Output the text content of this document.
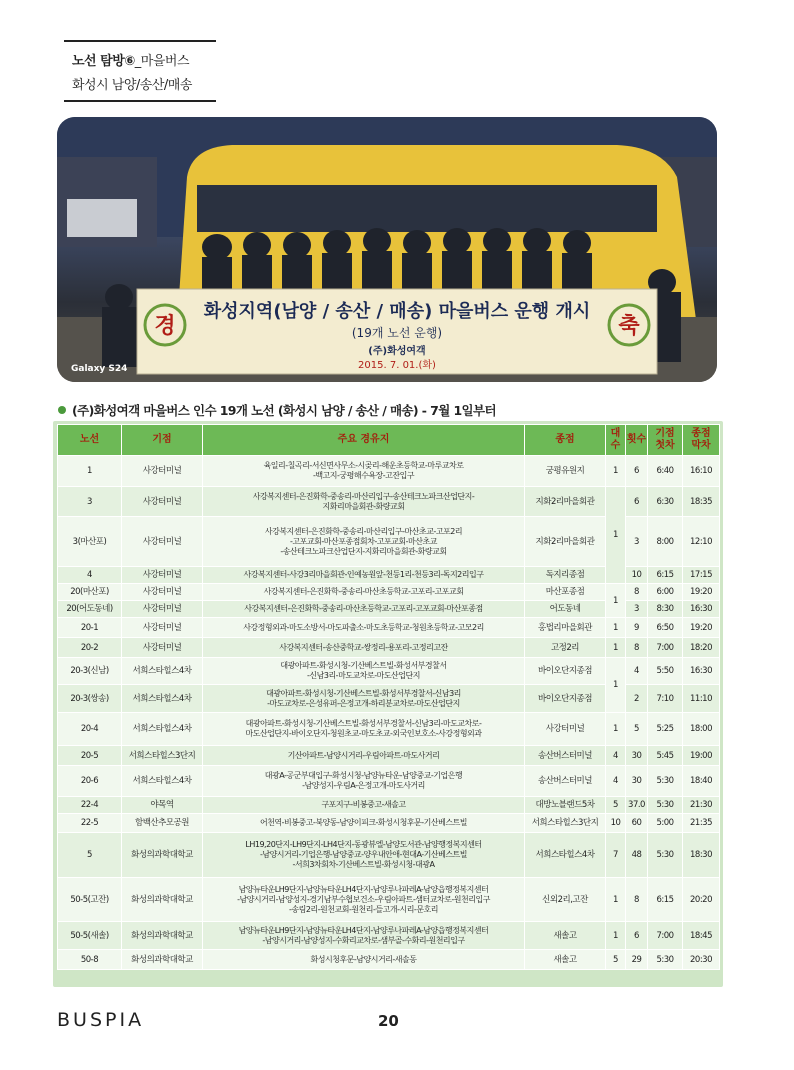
노선 탐방⑥_마을버스
화성시 남양/송산/매송
경	축
화성지역(남양 / 송산 / 매송) 마을버스 운행 개시
(19개 노선 운행)
(주)화성여객
2015. 7. 01.(화)
Galaxy S24
(주)화성여객 마을버스 인수 19개 노선 (화성시 남양 / 송산 / 매송) - 7월 1일부터
노선	기점	주요 경유지	종점	대수	횟수	기점
첫차	종점
막차
1	사강터미널	육일리-칠곡리-서신면사무소-시곶리-해운초등학교-마루교차로
-백고지-궁평해수욕장-고잔입구	궁평유원지	1	6	6:40	16:10
3	사강터미널	사강복지센터-은진화학-중송리-마산리입구-송산테크노파크산업단지-
지화리마을회관-화량교회	지화2리마을회관	1	6	6:30	18:35
3(마산포)	사강터미널	사강복지센터-은진화학-중송리-마산리입구-마산초교-고포2리
-고포교회-마산포종점회차-고포교회-마산초교
-송산테크노파크산업단지-지화리마을회관-화량교회	지화2리마을회관		3	8:00	12:10
4	사강터미널	사강복지센터-사강3리마을회관-인예농원앞-천등1리-천등3리-독지2리입구	독지리종점		10	6:15	17:15
20(마산포)	사강터미널	사강복지센터-은진화학-중송리-마산초등학교-고포리-고포교회	마산포종점	1	8	6:00	19:20
20(어도동네)	사강터미널	사강복지센터-은진화학-중송리-마산초등학교-고포리-고포교회-마산포종점	어도동네		3	8:30	16:30
20-1	사강터미널	사강정형외과-마도소방서-마도파출소-마도초등학교-청원초등학교-고모2리	홍법리마을회관	1	9	6:50	19:20
20-2	사강터미널	사강복지센터-송산중학교-쌍정리-용포리-고정리고잔	고정2리	1	8	7:00	18:20
20-3(신남)	서희스타힐스4차	대광아파트-화성시청-기산베스트빌-화성서부경찰서
-신남3리-마도교차로-마도산업단지	바이오단지종점	1	4	5:50	16:30
20-3(쌍송)	서희스타힐스4차	대광아파트-화성시청-기산베스트빌-화성서부경찰서-신남3리
-마도교차로-은성유퍼-은정고개-하리분교차로-마도산업단지	바이오단지종점		2	7:10	11:10
20-4	서희스타힐스4차	대광아파트-화성시청-기산베스트빌-화성서부경찰서-신남3리-마도교차로-
마도산업단지-바이오단지-청원초교-마도초교-외국인보호소-사강정형외과	사강터미널	1	5	5:25	18:00
20-5	서희스타힐스3단지	기산아파트-남양시거리-우림아파트-마도사거리	송산버스터미널	4	30	5:45	19:00
20-6	서희스타힐스4차	대광A-공군부대입구-화성시청-남양뉴타운-남양중교-기업은행
-남양성지-우림A-은정고개-마도사거리	송산버스터미널	4	30	5:30	18:40
22-4	야목역	구포지구-비봉중고-새솔고	대방노블랜드5차	5	37.0	5:30	21:30
22-5	함백산추모공원	어천역-비봉중고-북양동-남양이피크-화성시청후문-기산베스트빌	서희스타힐스3단지	10	60	5:00	21:35
5	화성의과학대학교	LH19,20단지-LH9단지-LH4단지-동광뷰엘-남양도서관-남양행정복지센터
-남양시거리-기업은행-남양중교-양우내안애-현대A-기산베스트빌
-서희3차회차-기산베스트빌-화성시청-대광A	서희스타힐스4차	7	48	5:30	18:30
50-5(고잔)	화성의과학대학교	남양뉴타운LH9단지-남양뉴타운LH4단지-남양루나파레A-남양읍행정복지센터
-남양시거리-남양성지-경기남부수협보건소-우림아파트-샘터교차로-원천리입구
-송림2리-원천교회-원천리-들고개-시리-문호리	신외2리,고잔	1	8	6:15	20:20
50-5(새솔)	화성의과학대학교	남양뉴타운LH9단지-남양뉴타운LH4단지-남양루나파레A-남양읍행정복지센터
-남양시거리-남양성지-수화리교차로-샘부골-수화리-원천리입구	새솔고	1	6	7:00	18:45
50-8	화성의과학대학교	화성시청후문-남양시거리-새솔동	새솔고	5	29	5:30	20:30
BUSPIA	20
